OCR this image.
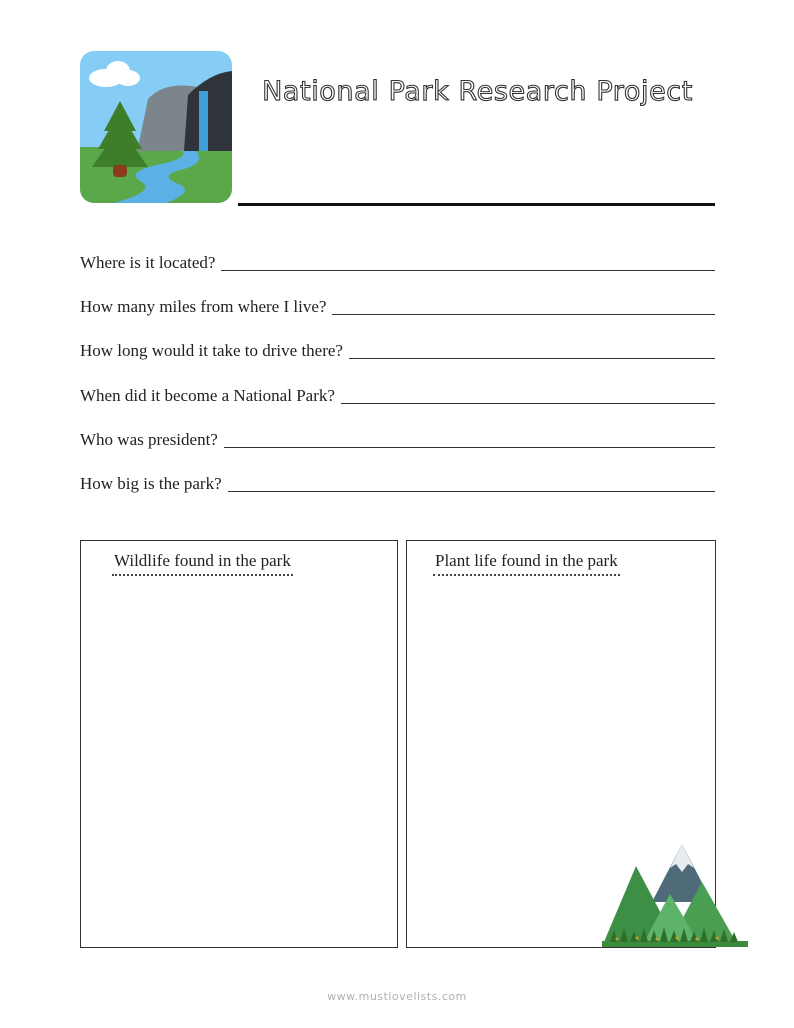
National Park Research Project
Where is it located?
How many miles from where I live?
How long would it take to drive there?
When did it become a National Park?
Who was president?
How big is the park?
Wildlife found in the park	Plant life found in the park
www.mustlovelists.com
